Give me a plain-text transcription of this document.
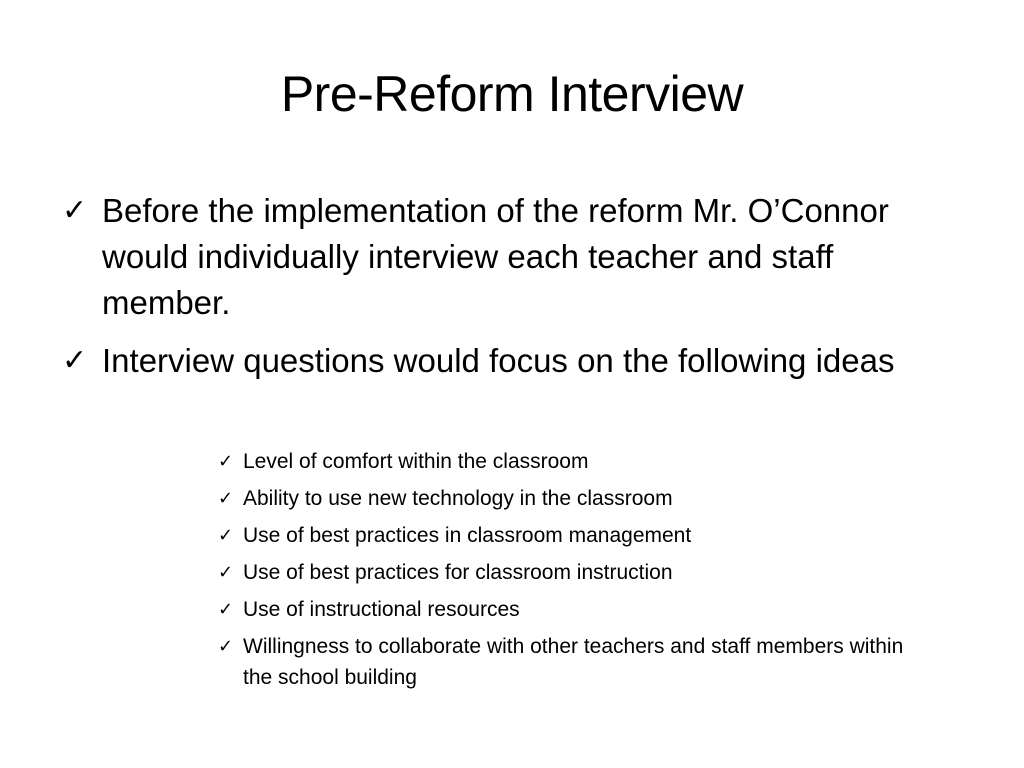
Pre-Reform Interview
✓ Before the implementation of the reform Mr. O’Connor would individually interview each teacher and staff member.
✓ Interview questions would focus on the following ideas
✓ Level of comfort within the classroom
✓ Ability to use new technology in the classroom
✓ Use of best practices in classroom management
✓ Use of best practices for classroom instruction
✓ Use of instructional resources
✓ Willingness to collaborate with other teachers and staff members within the school building
